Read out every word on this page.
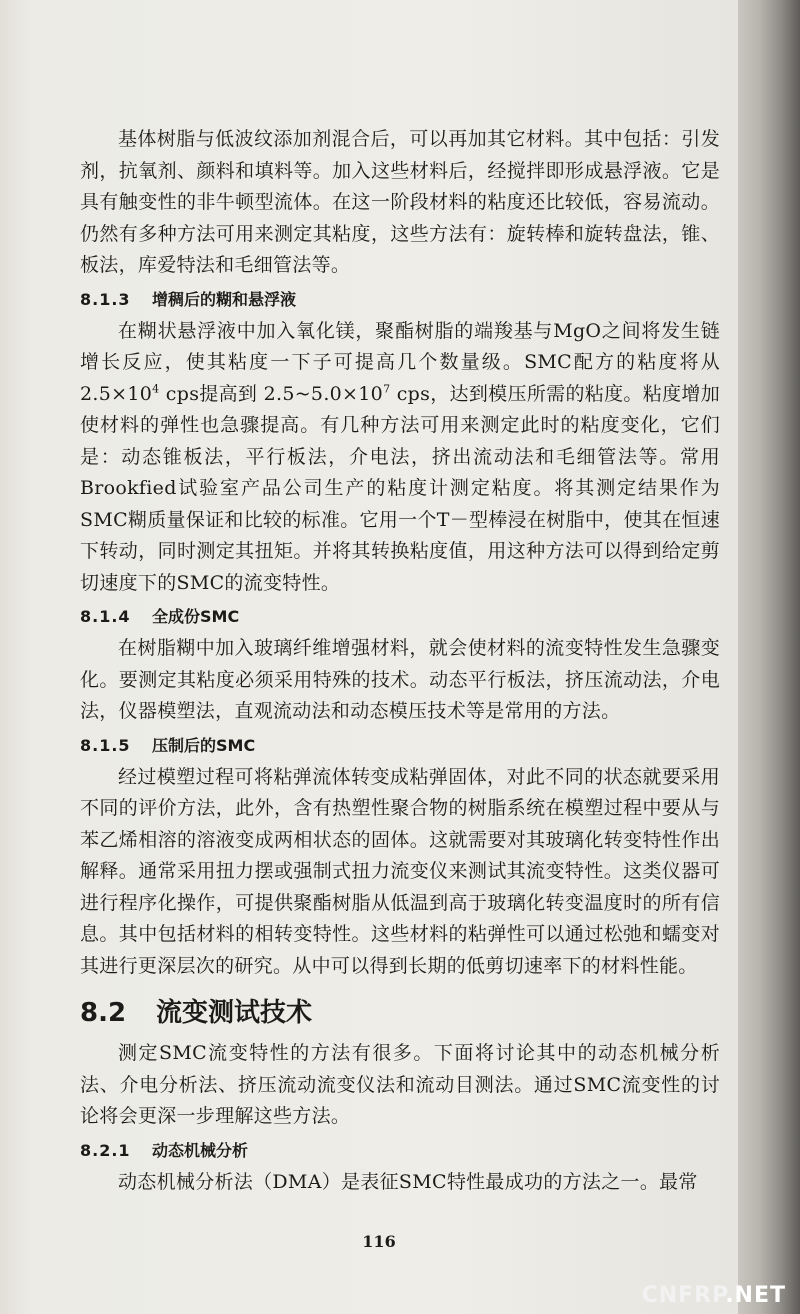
基体树脂与低波纹添加剂混合后，可以再加其它材料。其中包括：引发剂，抗氧剂、颜料和填料等。加入这些材料后，经搅拌即形成悬浮液。它是具有触变性的非牛顿型流体。在这一阶段材料的粘度还比较低，容易流动。仍然有多种方法可用来测定其粘度，这些方法有：旋转棒和旋转盘法，锥、板法，库爱特法和毛细管法等。

8.1.3 增稠后的糊和悬浮液

在糊状悬浮液中加入氧化镁，聚酯树脂的端羧基与MgO之间将发生链增长反应，使其粘度一下子可提高几个数量级。SMC配方的粘度将从$2.5\times 10^4$ cps提高到 $2.5\sim 5.0\times 10^7$ cps，达到模压所需的粘度。粘度增加使材料的弹性也急骤提高。有几种方法可用来测定此时的粘度变化，它们是：动态锥板法，平行板法，介电法，挤出流动法和毛细管法等。常用Brookfied试验室产品公司生产的粘度计测定粘度。将其测定结果作为SMC糊质量保证和比较的标准。它用一个T－型棒浸在树脂中，使其在恒速下转动，同时测定其扭矩。并将其转换粘度值，用这种方法可以得到给定剪切速度下的SMC的流变特性。

8.1.4 全成份SMC

在树脂糊中加入玻璃纤维增强材料，就会使材料的流变特性发生急骤变化。要测定其粘度必须采用特殊的技术。动态平行板法，挤压流动法，介电法，仪器模塑法，直观流动法和动态模压技术等是常用的方法。

8.1.5 压制后的SMC

经过模塑过程可将粘弹流体转变成粘弹固体，对此不同的状态就要采用不同的评价方法，此外，含有热塑性聚合物的树脂系统在模塑过程中要从与苯乙烯相溶的溶液变成两相状态的固体。这就需要对其玻璃化转变特性作出解释。通常采用扭力摆或强制式扭力流变仪来测试其流变特性。这类仪器可进行程序化操作，可提供聚酯树脂从低温到高于玻璃化转变温度时的所有信息。其中包括材料的相转变特性。这些材料的粘弹性可以通过松弛和蠕变对其进行更深层次的研究。从中可以得到长期的低剪切速率下的材料性能。

8.2 流变测试技术

测定SMC流变特性的方法有很多。下面将讨论其中的动态机械分析法、介电分析法、挤压流动流变仪法和流动目测法。通过SMC流变性的讨论将会更深一步理解这些方法。

8.2.1 动态机械分析

动态机械分析法（DMA）是表征SMC特性最成功的方法之一。最常

116
CNFRP.NET
